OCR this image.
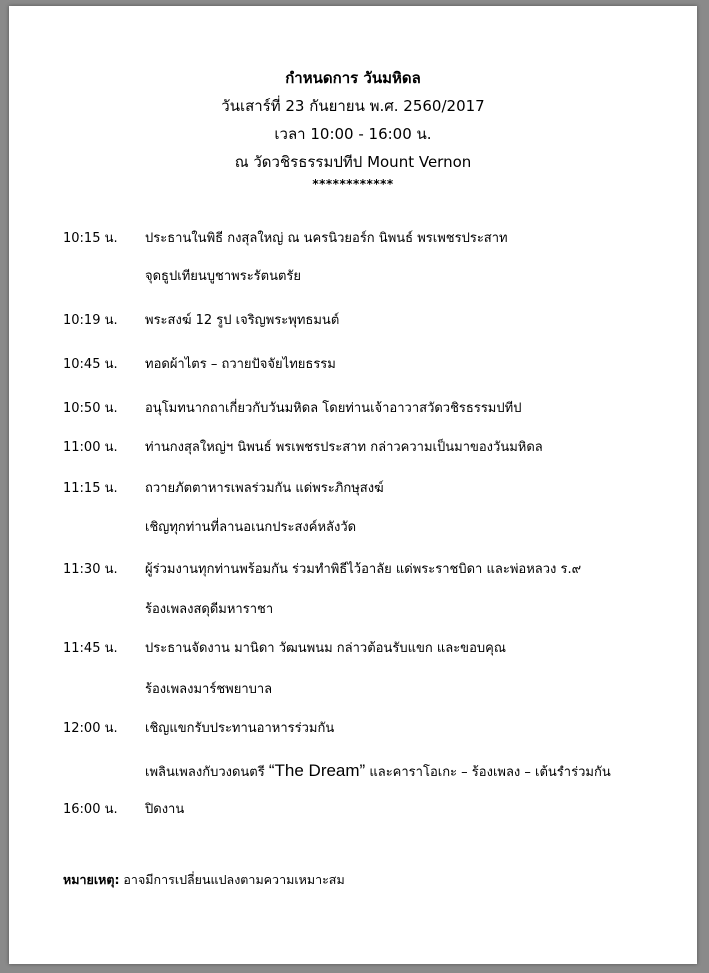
กำหนดการ วันมหิดล
วันเสาร์ที่ 23 กันยายน พ.ศ. 2560/2017
เวลา 10:00 - 16:00 น.
ณ วัดวชิรธรรมปทีป Mount Vernon
************
10:15 น.	ประธานในพิธี กงสุลใหญ่ ณ นครนิวยอร์ก นิพนธ์ พรเพชรประสาท
จุดธูปเทียนบูชาพระรัตนตรัย
10:19 น.	พระสงฆ์ 12 รูป เจริญพระพุทธมนต์
10:45 น.	ทอดผ้าไตร – ถวายปัจจัยไทยธรรม
10:50 น.	อนุโมทนากถาเกี่ยวกับวันมหิดล โดยท่านเจ้าอาวาสวัดวชิรธรรมปทีป
11:00 น.	ท่านกงสุลใหญ่ฯ นิพนธ์ พรเพชรประสาท กล่าวความเป็นมาของวันมหิดล
11:15 น.	ถวายภัตตาหารเพลร่วมกัน แด่พระภิกษุสงฆ์
เชิญทุกท่านที่ลานอเนกประสงค์หลังวัด
11:30 น.	ผู้ร่วมงานทุกท่านพร้อมกัน ร่วมทำพิธีไว้อาลัย แด่พระราชบิดา และพ่อหลวง ร.๙
ร้องเพลงสดุดีมหาราชา
11:45 น.	ประธานจัดงาน มานิดา วัฒนพนม กล่าวต้อนรับแขก และขอบคุณ
ร้องเพลงมาร์ชพยาบาล
12:00 น.	เชิญแขกรับประทานอาหารร่วมกัน
เพลินเพลงกับวงดนตรี “The Dream” และคาราโอเกะ – ร้องเพลง – เต้นรำร่วมกัน
16:00 น.	ปิดงาน
หมายเหตุ: อาจมีการเปลี่ยนแปลงตามความเหมาะสม
